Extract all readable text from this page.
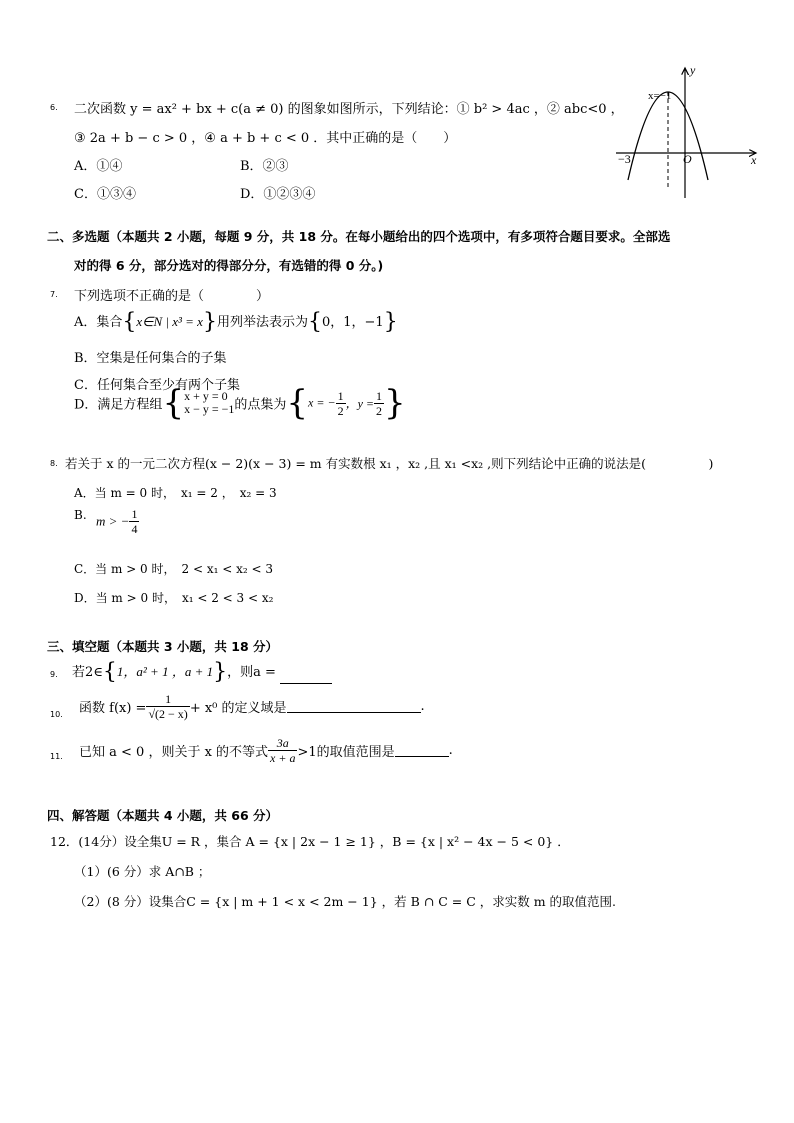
6. 二次函数 y = ax² + bx + c(a ≠ 0) 的图象如图所示，下列结论：① b² > 4ac ，② abc<0 ，
③ 2a + b − c > 0 ，④ a + b + c < 0 ．其中正确的是（　　）
A．①④	B．②③
C．①③④	D．①②③④
y
x
O
−3
x=−1
二、多选题（本题共 2 小题，每题 9 分，共 18 分。在每小题给出的四个选项中，有多项符合题目要求。全部选
对的得 6 分，部分选对的得部分分，有选错的得 0 分。)
7. 下列选项不正确的是（　　　　）
A．集合{x∈N | x³ = x}用列举法表示为{0，1，−1}
B．空集是任何集合的子集
C．任何集合至少有两个子集
D．满足方程组{ x + y = 0
x − y = −1 的点集为{x = − $\frac{1}{2}$ ，$y = \frac{1}{2}$ }
8. 若关于 x 的一元二次方程(x − 2)(x − 3) = m 有实数根 x₁ ，x₂ ,且 x₁ <x₂ ,则下列结论中正确的说法是(　　　　　)
A．当 m = 0 时，　x₁ = 2 ，　x₂ = 3
B. m > − $\frac{1}{4}$
C．当 m > 0 时，　2 < x₁ < x₂ < 3
D．当 m > 0 时，　x₁ < 2 < 3 < x₂
三、填空题（本题共 3 小题，共 18 分）
9. 若2∈{1，a² + 1 ，a + 1}，则a =
10. 函数 $f(x) = \frac{1}{√(2 - x)} + x^0$ 的定义域是	.
11. 已知 a < 0 ，则关于 x 的不等式 $\frac{3a}{x + a} >1$的取值范围是	.
四、解答题（本题共 4 小题，共 66 分）
12．(14分）设全集U = R ，集合 A = {x | 2x − 1 ≥ 1} ，B = {x | x² − 4x − 5 < 0} ．
（1）(6 分）求 A∩B ；
（2）(8 分）设集合C = {x | m + 1 < x < 2m − 1} ，若 B ∩ C = C ，求实数 m 的取值范围.
